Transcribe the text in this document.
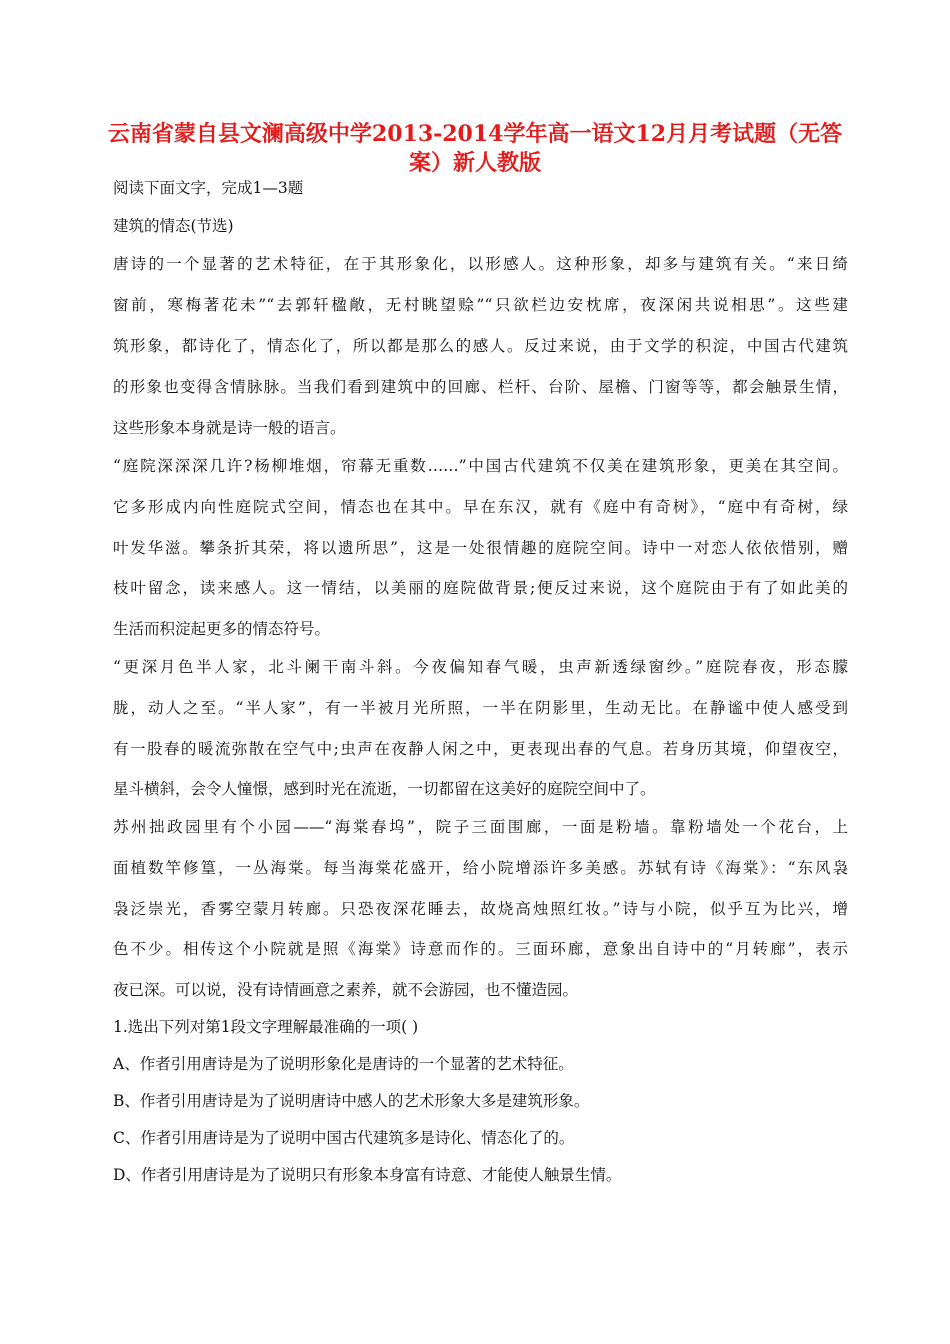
云南省蒙自县文澜高级中学2013-2014学年高一语文12月月考试题（无答
案）新人教版
阅读下面文字，完成1—3题
建筑的情态(节选)
唐诗的一个显著的艺术特征，在于其形象化，以形感人。这种形象，却多与建筑有关。“来日绮
窗前，寒梅著花未”“去郭轩楹敞，无村眺望赊”“只欲栏边安枕席，夜深闲共说相思”。这些建
筑形象，都诗化了，情态化了，所以都是那么的感人。反过来说，由于文学的积淀，中国古代建筑
的形象也变得含情脉脉。当我们看到建筑中的回廊、栏杆、台阶、屋檐、门窗等等，都会触景生情，
这些形象本身就是诗一般的语言。
“庭院深深深几许?杨柳堆烟，帘幕无重数……”中国古代建筑不仅美在建筑形象，更美在其空间。
它多形成内向性庭院式空间，情态也在其中。早在东汉，就有《庭中有奇树》，“庭中有奇树，绿
叶发华滋。攀条折其荣，将以遗所思”，这是一处很情趣的庭院空间。诗中一对恋人依依惜别，赠
枝叶留念，读来感人。这一情结，以美丽的庭院做背景;便反过来说，这个庭院由于有了如此美的
生活而积淀起更多的情态符号。
“更深月色半人家，北斗阑干南斗斜。今夜偏知春气暖，虫声新透绿窗纱。”庭院春夜，形态朦
胧，动人之至。“半人家”，有一半被月光所照，一半在阴影里，生动无比。在静谧中使人感受到
有一股春的暖流弥散在空气中;虫声在夜静人闲之中，更表现出春的气息。若身历其境，仰望夜空，
星斗横斜，会令人憧憬，感到时光在流逝，一切都留在这美好的庭院空间中了。
苏州拙政园里有个小园——“海棠春坞”，院子三面围廊，一面是粉墙。靠粉墙处一个花台，上
面植数竿修篁，一丛海棠。每当海棠花盛开，给小院增添许多美感。苏轼有诗《海棠》：“东风袅
袅泛崇光，香雾空蒙月转廊。只恐夜深花睡去，故烧高烛照红妆。”诗与小院，似乎互为比兴，增
色不少。相传这个小院就是照《海棠》诗意而作的。三面环廊，意象出自诗中的“月转廊”，表示
夜已深。可以说，没有诗情画意之素养，就不会游园，也不懂造园。
1.选出下列对第1段文字理解最准确的一项( )
A、作者引用唐诗是为了说明形象化是唐诗的一个显著的艺术特征。
B、作者引用唐诗是为了说明唐诗中感人的艺术形象大多是建筑形象。
C、作者引用唐诗是为了说明中国古代建筑多是诗化、情态化了的。
D、作者引用唐诗是为了说明只有形象本身富有诗意、才能使人触景生情。
